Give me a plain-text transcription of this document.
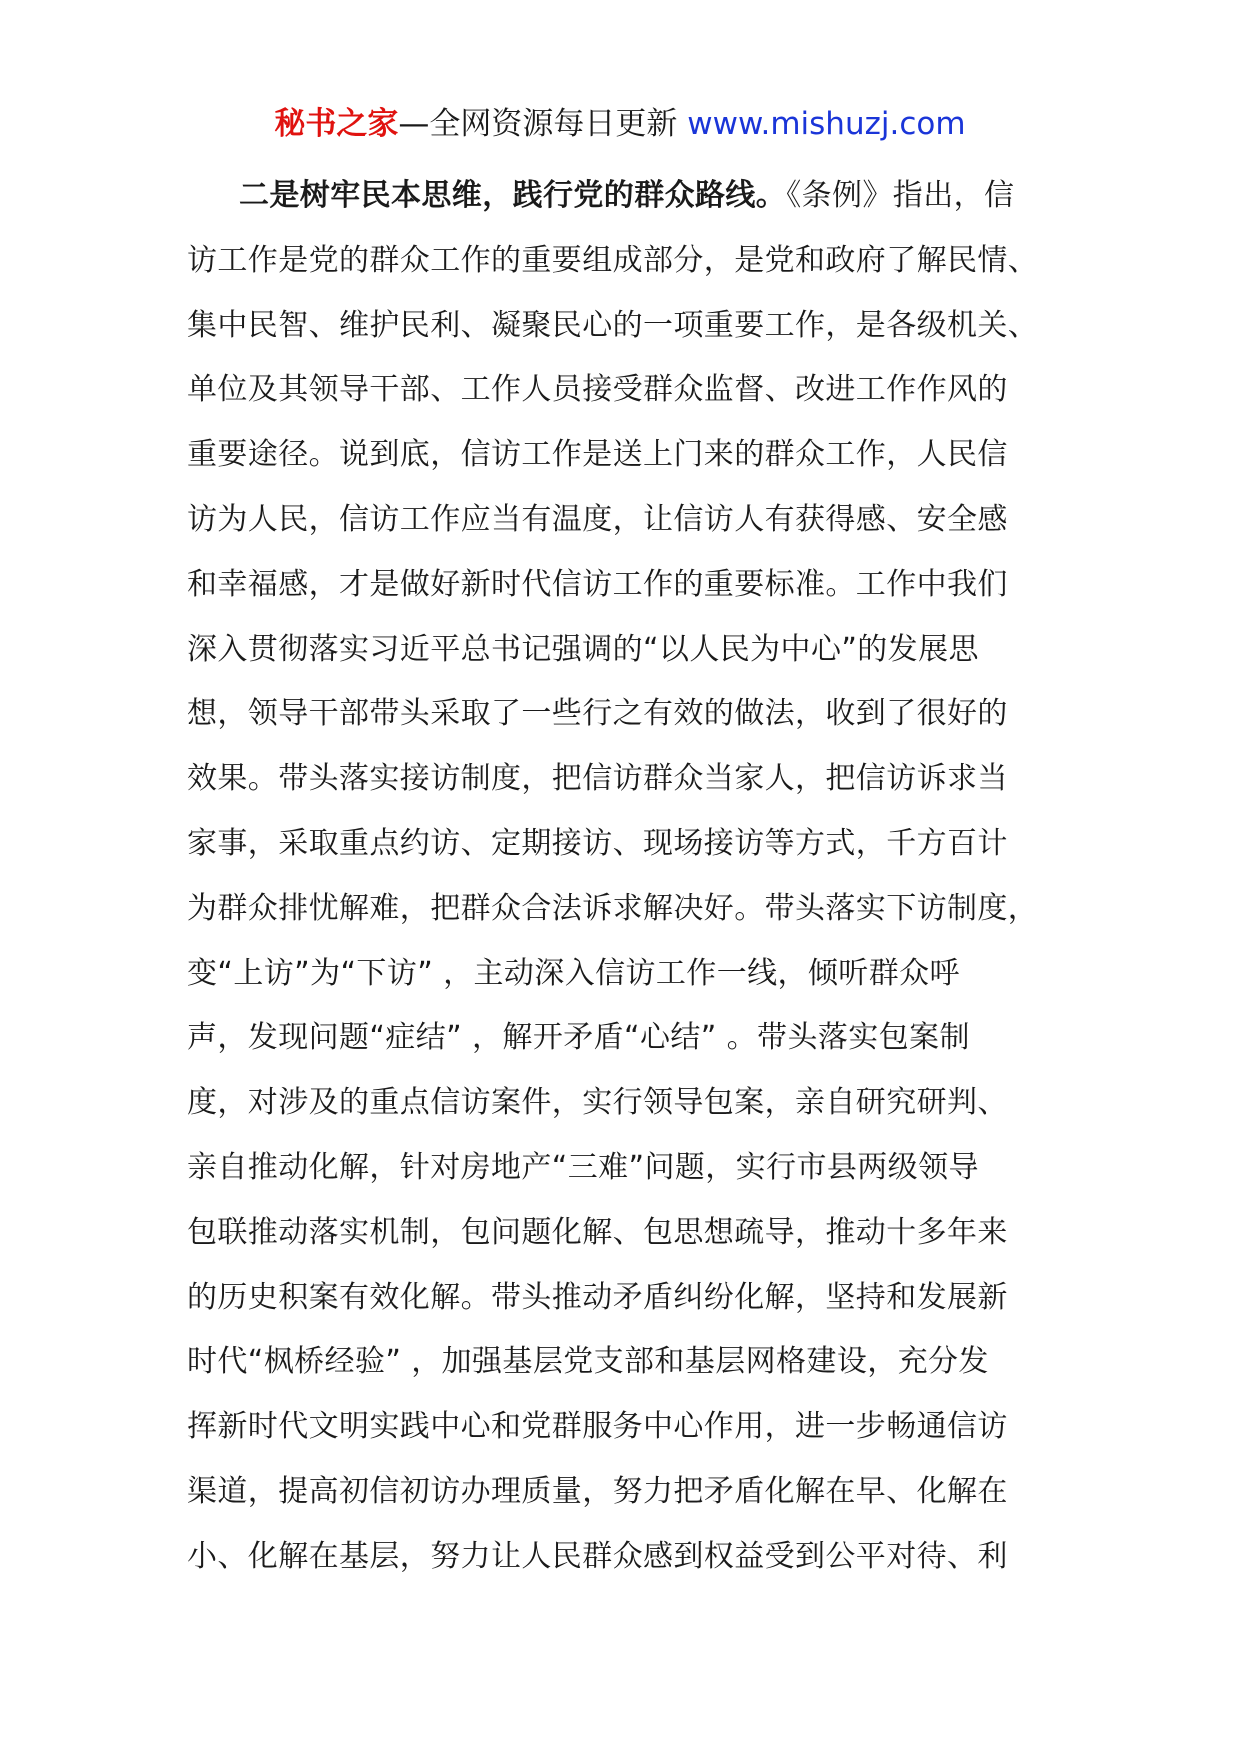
秘书之家—全网资源每日更新 www.mishuzj.com
二是树牢民本思维，践行党的群众路线。《条例》指出，信
访工作是党的群众工作的重要组成部分，是党和政府了解民情、
集中民智、维护民利、凝聚民心的一项重要工作，是各级机关、
单位及其领导干部、工作人员接受群众监督、改进工作作风的
重要途径。说到底，信访工作是送上门来的群众工作，人民信
访为人民，信访工作应当有温度，让信访人有获得感、安全感
和幸福感，才是做好新时代信访工作的重要标准。工作中我们
深入贯彻落实习近平总书记强调的“以人民为中心”的发展思
想，领导干部带头采取了一些行之有效的做法，收到了很好的
效果。带头落实接访制度，把信访群众当家人，把信访诉求当
家事，采取重点约访、定期接访、现场接访等方式，千方百计
为群众排忧解难，把群众合法诉求解决好。带头落实下访制度，
变“上访”为“下访” ，主动深入信访工作一线，倾听群众呼
声，发现问题“症结” ，解开矛盾“心结” 。带头落实包案制
度，对涉及的重点信访案件，实行领导包案，亲自研究研判、
亲自推动化解，针对房地产“三难”问题，实行市县两级领导
包联推动落实机制，包问题化解、包思想疏导，推动十多年来
的历史积案有效化解。带头推动矛盾纠纷化解，坚持和发展新
时代“枫桥经验” ，加强基层党支部和基层网格建设，充分发
挥新时代文明实践中心和党群服务中心作用，进一步畅通信访
渠道，提高初信初访办理质量，努力把矛盾化解在早、化解在
小、化解在基层，努力让人民群众感到权益受到公平对待、利
